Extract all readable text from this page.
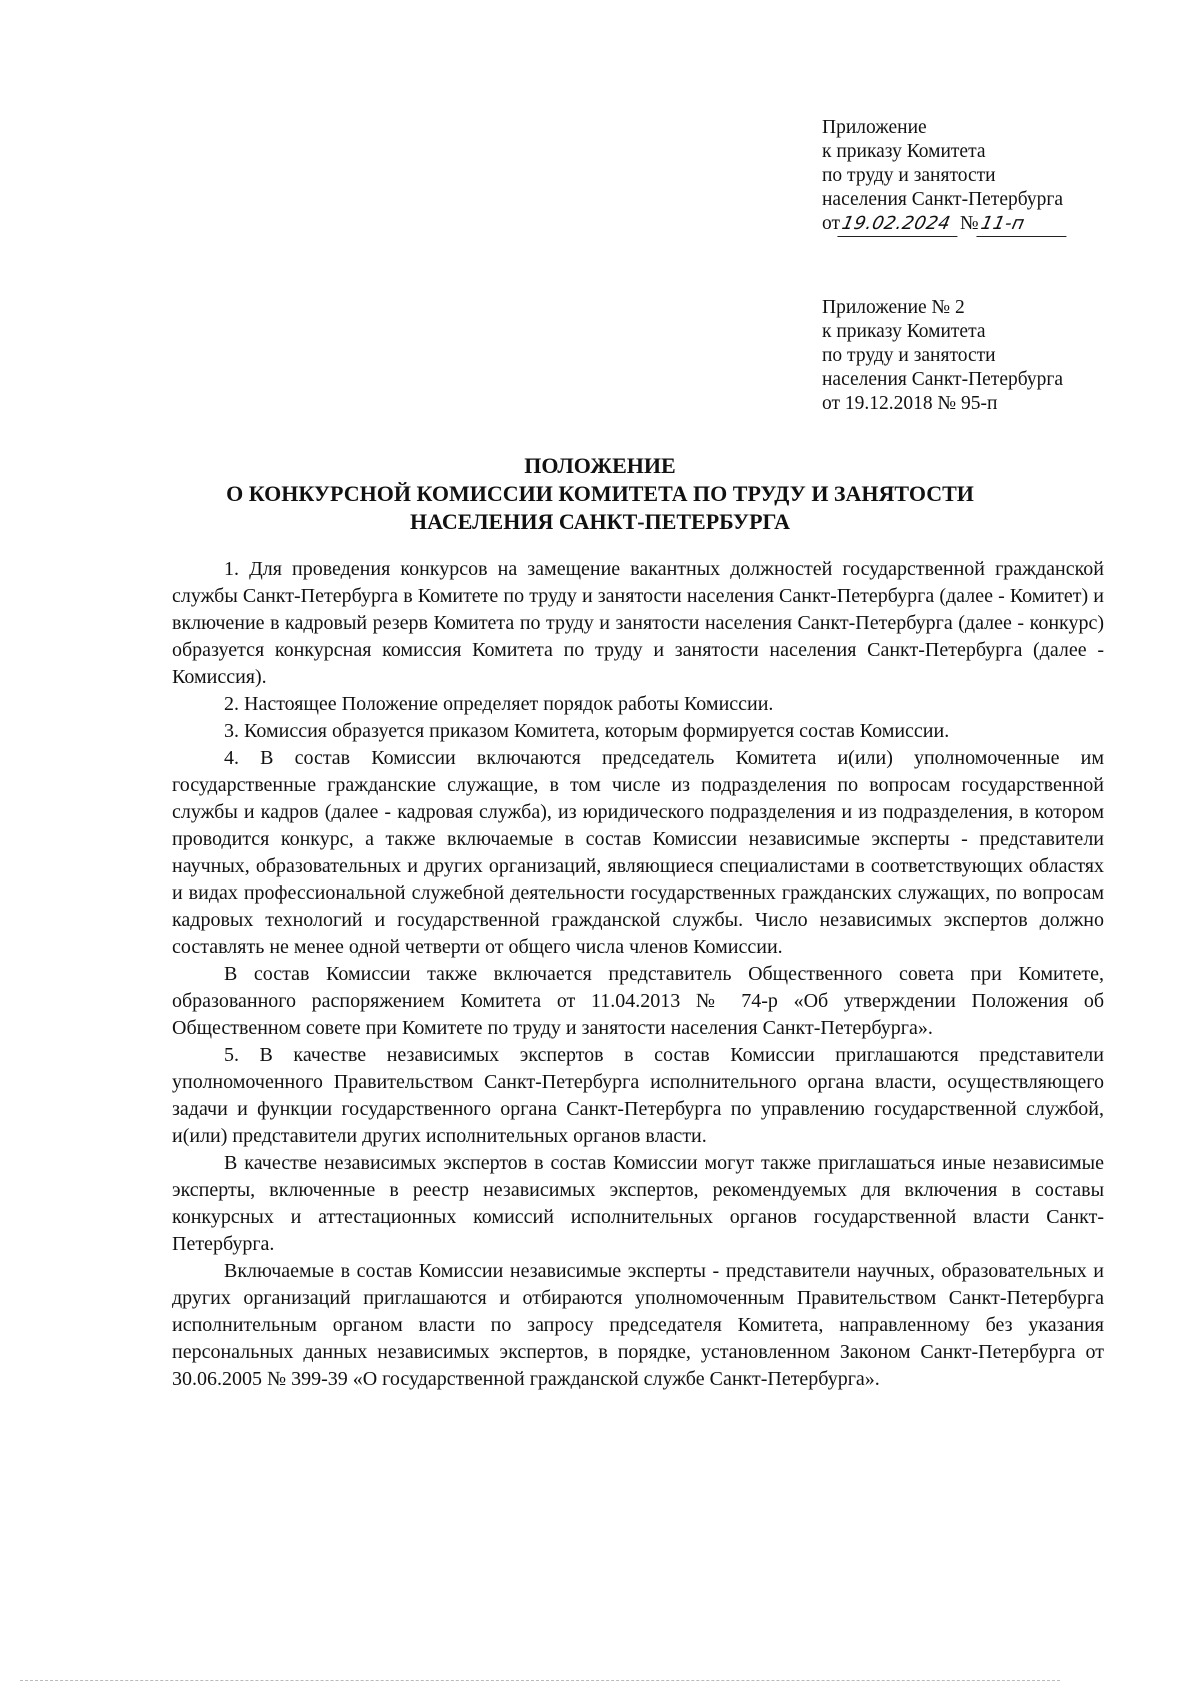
Приложение
к приказу Комитета
по труду и занятости
населения Санкт-Петербурга
от19.02.2024 №11-п
Приложение № 2
к приказу Комитета
по труду и занятости
населения Санкт-Петербурга
от 19.12.2018 № 95-п
ПОЛОЖЕНИЕ
О КОНКУРСНОЙ КОМИССИИ КОМИТЕТА ПО ТРУДУ И ЗАНЯТОСТИ
НАСЕЛЕНИЯ САНКТ-ПЕТЕРБУРГА

1. Для проведения конкурсов на замещение вакантных должностей государственной гражданской службы Санкт-Петербурга в Комитете по труду и занятости населения Санкт-Петербурга (далее - Комитет) и включение в кадровый резерв Комитета по труду и занятости населения Санкт-Петербурга (далее - конкурс) образуется конкурсная комиссия Комитета по труду и занятости населения Санкт-Петербурга (далее - Комиссия).

2. Настоящее Положение определяет порядок работы Комиссии.

3. Комиссия образуется приказом Комитета, которым формируется состав Комиссии.

4. В состав Комиссии включаются председатель Комитета и(или) уполномоченные им государственные гражданские служащие, в том числе из подразделения по вопросам государственной службы и кадров (далее - кадровая служба), из юридического подразделения и из подразделения, в котором проводится конкурс, а также включаемые в состав Комиссии независимые эксперты - представители научных, образовательных и других организаций, являющиеся специалистами в соответствующих областях и видах профессиональной служебной деятельности государственных гражданских служащих, по вопросам кадровых технологий и государственной гражданской службы. Число независимых экспертов должно составлять не менее одной четверти от общего числа членов Комиссии.

В состав Комиссии также включается представитель Общественного совета при Комитете, образованного распоряжением Комитета от 11.04.2013 № 74-р «Об утверждении Положения об Общественном совете при Комитете по труду и занятости населения Санкт-Петербурга».

5. В качестве независимых экспертов в состав Комиссии приглашаются представители уполномоченного Правительством Санкт-Петербурга исполнительного органа власти, осуществляющего задачи и функции государственного органа Санкт-Петербурга по управлению государственной службой, и(или) представители других исполнительных органов власти.

В качестве независимых экспертов в состав Комиссии могут также приглашаться иные независимые эксперты, включенные в реестр независимых экспертов, рекомендуемых для включения в составы конкурсных и аттестационных комиссий исполнительных органов государственной власти Санкт-Петербурга.

Включаемые в состав Комиссии независимые эксперты - представители научных, образовательных и других организаций приглашаются и отбираются уполномоченным Правительством Санкт-Петербурга исполнительным органом власти по запросу председателя Комитета, направленному без указания персональных данных независимых экспертов, в порядке, установленном Законом Санкт-Петербурга от 30.06.2005 № 399-39 «О государственной гражданской службе Санкт-Петербурга».
